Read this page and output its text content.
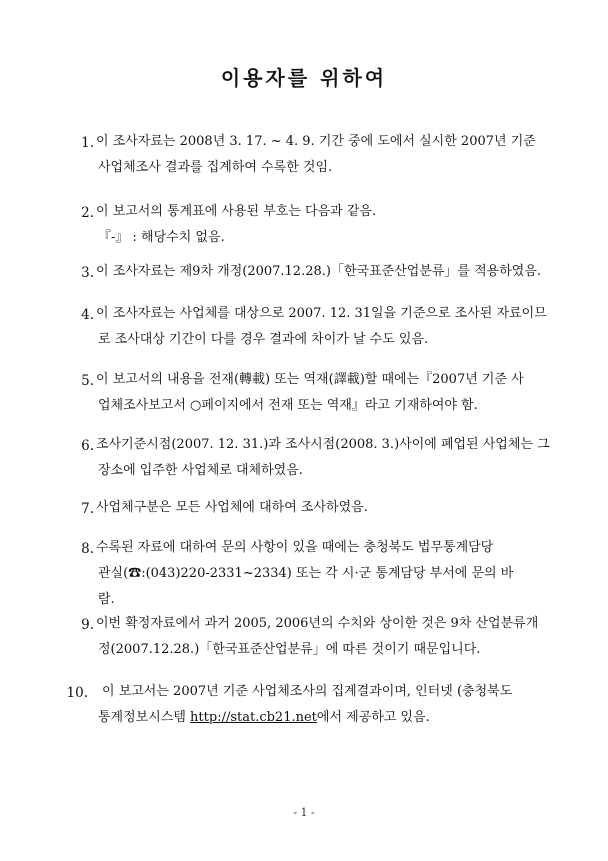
이용자를 위하여
1. 이 조사자료는 2008년 3. 17. ~ 4. 9. 기간 중에 도에서 실시한 2007년 기준
사업체조사 결과를 집계하여 수록한 것임.
2. 이 보고서의 통계표에 사용된 부호는 다음과 같음.
『-』 : 해당수치 없음.
3. 이 조사자료는 제9차 개정(2007.12.28.)「한국표준산업분류」를 적용하였음.
4. 이 조사자료는 사업체를 대상으로 2007. 12. 31일을 기준으로 조사된 자료이므
로 조사대상 기간이 다를 경우 결과에 차이가 날 수도 있음.
5. 이 보고서의 내용을 전재(轉載) 또는 역재(譯載)할 때에는『2007년 기준 사
업체조사보고서 ○페이지에서 전재 또는 역재』라고 기재하여야 함.
6. 조사기준시점(2007. 12. 31.)과 조사시점(2008. 3.)사이에 폐업된 사업체는 그
장소에 입주한 사업체로 대체하였음.
7. 사업체구분은 모든 사업체에 대하여 조사하였음.
8. 수록된 자료에 대하여 문의 사항이 있을 때에는 충청북도 법무통계담당
관실(☎:(043)220-2331~2334) 또는 각 시·군 통계담당 부서에 문의 바
람.
9. 이번 확정자료에서 과거 2005, 2006년의 수치와 상이한 것은 9차 산업분류개
정(2007.12.28.)「한국표준산업분류」에 따른 것이기 때문입니다.
10. 이 보고서는 2007년 기준 사업체조사의 집계결과이며, 인터넷 (충청북도
통계정보시스템 http://stat.cb21.net에서 제공하고 있음.
- 1 -
